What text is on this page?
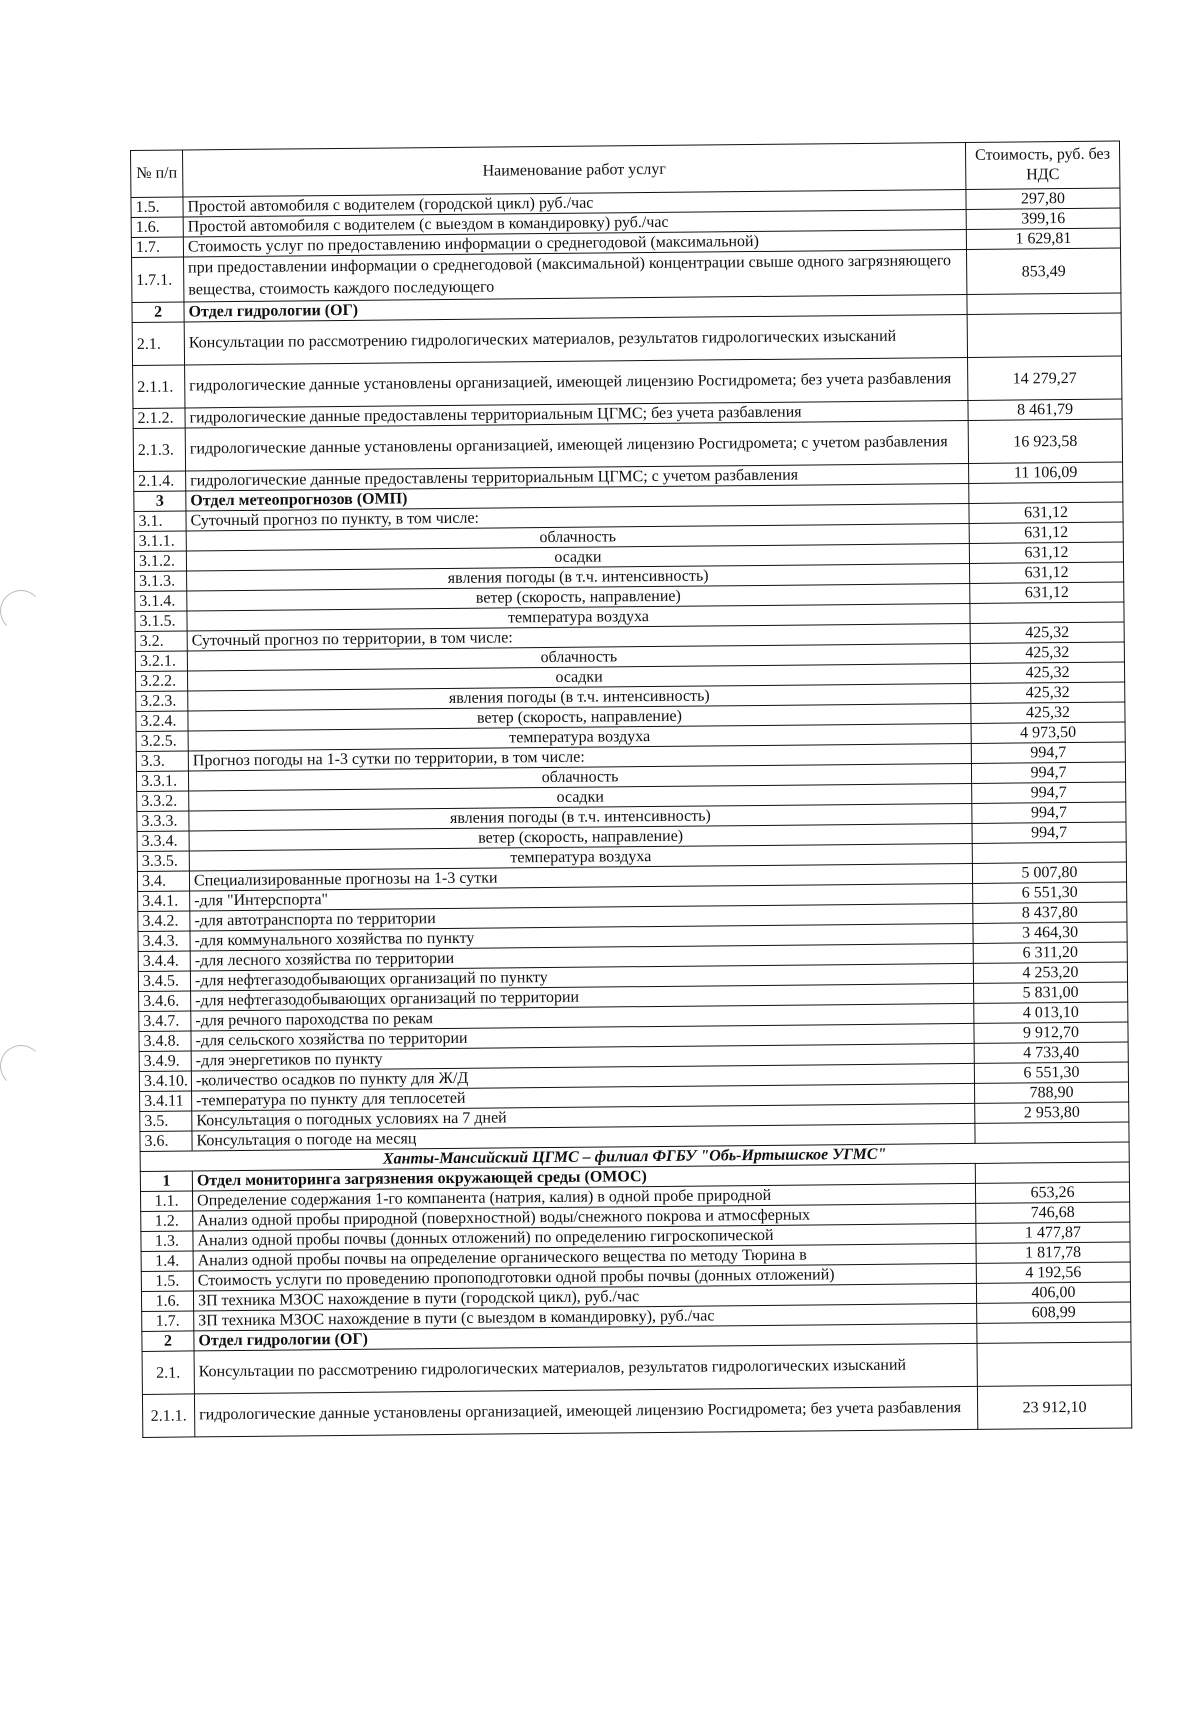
№ п/п	Наименование работ услуг	Стоимость, руб. без НДС
1.5.	Простой автомобиля с водителем (городской цикл) руб./час	297,80
1.6.	Простой автомобиля с водителем (с выездом в командировку) руб./час	399,16
1.7.	Стоимость услуг по предоставлению информации о среднегодовой (максимальной)	1 629,81
1.7.1.	при предоставлении информации о среднегодовой (максимальной) концентрации свыше одного загрязняющего вещества, стоимость каждого последующего	853,49
2	Отдел гидрологии (ОГ)	
2.1.	Консультации по рассмотрению гидрологических материалов, результатов гидрологических изысканий	
2.1.1.	гидрологические данные установлены организацией, имеющей лицензию Росгидромета; без учета разбавления	14 279,27
2.1.2.	гидрологические данные предоставлены территориальным ЦГМС; без учета разбавления	8 461,79
2.1.3.	гидрологические данные установлены организацией, имеющей лицензию Росгидромета; с учетом разбавления	16 923,58
2.1.4.	гидрологические данные предоставлены территориальным ЦГМС; с учетом разбавления	11 106,09
3	Отдел метеопрогнозов (ОМП)	
3.1.	Суточный прогноз по пункту, в том числе:	631,12
3.1.1.	облачность	631,12
3.1.2.	осадки	631,12
3.1.3.	явления погоды (в т.ч. интенсивность)	631,12
3.1.4.	ветер (скорость, направление)	631,12
3.1.5.	температура воздуха	
3.2.	Суточный прогноз по территории, в том числе:	425,32
3.2.1.	облачность	425,32
3.2.2.	осадки	425,32
3.2.3.	явления погоды (в т.ч. интенсивность)	425,32
3.2.4.	ветер (скорость, направление)	425,32
3.2.5.	температура воздуха	4 973,50
3.3.	Прогноз погоды на 1-3 сутки по территории, в том числе:	994,7
3.3.1.	облачность	994,7
3.3.2.	осадки	994,7
3.3.3.	явления погоды (в т.ч. интенсивность)	994,7
3.3.4.	ветер (скорость, направление)	994,7
3.3.5.	температура воздуха	
3.4.	Специализированные прогнозы на 1-3 сутки	5 007,80
3.4.1.	-для "Интерспорта"	6 551,30
3.4.2.	-для автотранспорта по территории	8 437,80
3.4.3.	-для коммунального хозяйства по пункту	3 464,30
3.4.4.	-для лесного хозяйства по территории	6 311,20
3.4.5.	-для нефтегазодобывающих организаций по пункту	4 253,20
3.4.6.	-для нефтегазодобывающих организаций по территории	5 831,00
3.4.7.	-для речного пароходства по рекам	4 013,10
3.4.8.	-для сельского хозяйства по территории	9 912,70
3.4.9.	-для энергетиков по пункту	4 733,40
3.4.10.	-количество осадков по пункту для Ж/Д	6 551,30
3.4.11	-температура по пункту для теплосетей	788,90
3.5.	Консультация о погодных условиях на 7 дней	2 953,80
3.6.	Консультация о погоде на месяц	
Ханты-Мансийский ЦГМС – филиал ФГБУ "Обь-Иртышское УГМС"		
1	Отдел мониторинга загрязнения окружающей среды (ОМОС)	
1.1.	Определение содержания 1-го компанента (натрия, калия) в одной пробе природной	653,26
1.2.	Анализ одной пробы природной (поверхностной) воды/снежного покрова и атмосферных	746,68
1.3.	Анализ одной пробы почвы (донных отложений) по определению гигроскопической	1 477,87
1.4.	Анализ одной пробы почвы на определение органического вещества по методу Тюрина в	1 817,78
1.5.	Стоимость услуги по проведению пропоподготовки одной пробы почвы (донных отложений)	4 192,56
1.6.	ЗП техника МЗОС нахождение в пути (городской цикл), руб./час	406,00
1.7.	ЗП техника МЗОС нахождение в пути (с выездом в командировку), руб./час	608,99
2	Отдел гидрологии (ОГ)	
2.1.	Консультации по рассмотрению гидрологических материалов, результатов гидрологических изысканий	
2.1.1.	гидрологические данные установлены организацией, имеющей лицензию Росгидромета; без учета разбавления	23 912,10
